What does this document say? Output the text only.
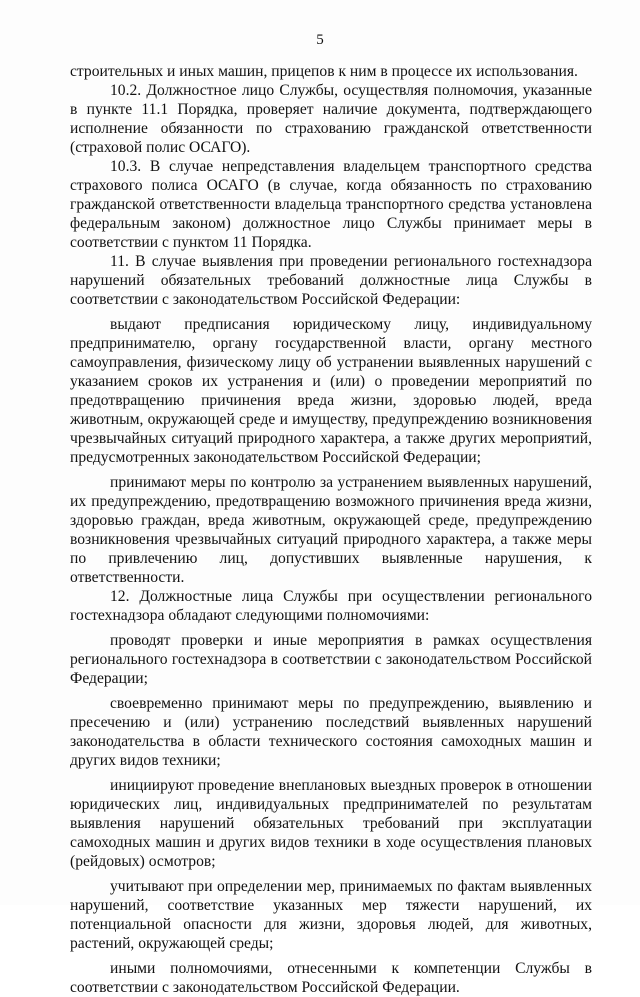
5

строительных и иных машин, прицепов к ним в процессе их использования.

10.2. Должностное лицо Службы, осуществляя полномочия, указанные в пункте 11.1 Порядка, проверяет наличие документа, подтверждающего исполнение обязанности по страхованию гражданской ответственности (страховой полис ОСАГО).

10.3. В случае непредставления владельцем транспортного средства страхового полиса ОСАГО (в случае, когда обязанность по страхованию гражданской ответственности владельца транспортного средства установлена федеральным законом) должностное лицо Службы принимает меры в соответствии с пунктом 11 Порядка.

11. В случае выявления при проведении регионального гостехнадзора нарушений обязательных требований должностные лица Службы в соответствии с законодательством Российской Федерации:

выдают предписания юридическому лицу, индивидуальному предпринимателю, органу государственной власти, органу местного самоуправления, физическому лицу об устранении выявленных нарушений с указанием сроков их устранения и (или) о проведении мероприятий по предотвращению причинения вреда жизни, здоровью людей, вреда животным, окружающей среде и имуществу, предупреждению возникновения чрезвычайных ситуаций природного характера, а также других мероприятий, предусмотренных законодательством Российской Федерации;

принимают меры по контролю за устранением выявленных нарушений, их предупреждению, предотвращению возможного причинения вреда жизни, здоровью граждан, вреда животным, окружающей среде, предупреждению возникновения чрезвычайных ситуаций природного характера, а также меры по привлечению лиц, допустивших выявленные нарушения, к ответственности.

12. Должностные лица Службы при осуществлении регионального гостехнадзора обладают следующими полномочиями:

проводят проверки и иные мероприятия в рамках осуществления регионального гостехнадзора в соответствии с законодательством Российской Федерации;

своевременно принимают меры по предупреждению, выявлению и пресечению и (или) устранению последствий выявленных нарушений законодательства в области технического состояния самоходных машин и других видов техники;

инициируют проведение внеплановых выездных проверок в отношении юридических лиц, индивидуальных предпринимателей по результатам выявления нарушений обязательных требований при эксплуатации самоходных машин и других видов техники в ходе осуществления плановых (рейдовых) осмотров;

учитывают при определении мер, принимаемых по фактам выявленных нарушений, соответствие указанных мер тяжести нарушений, их потенциальной опасности для жизни, здоровья людей, для животных, растений, окружающей среды;

иными полномочиями, отнесенными к компетенции Службы в соответствии с законодательством Российской Федерации.
